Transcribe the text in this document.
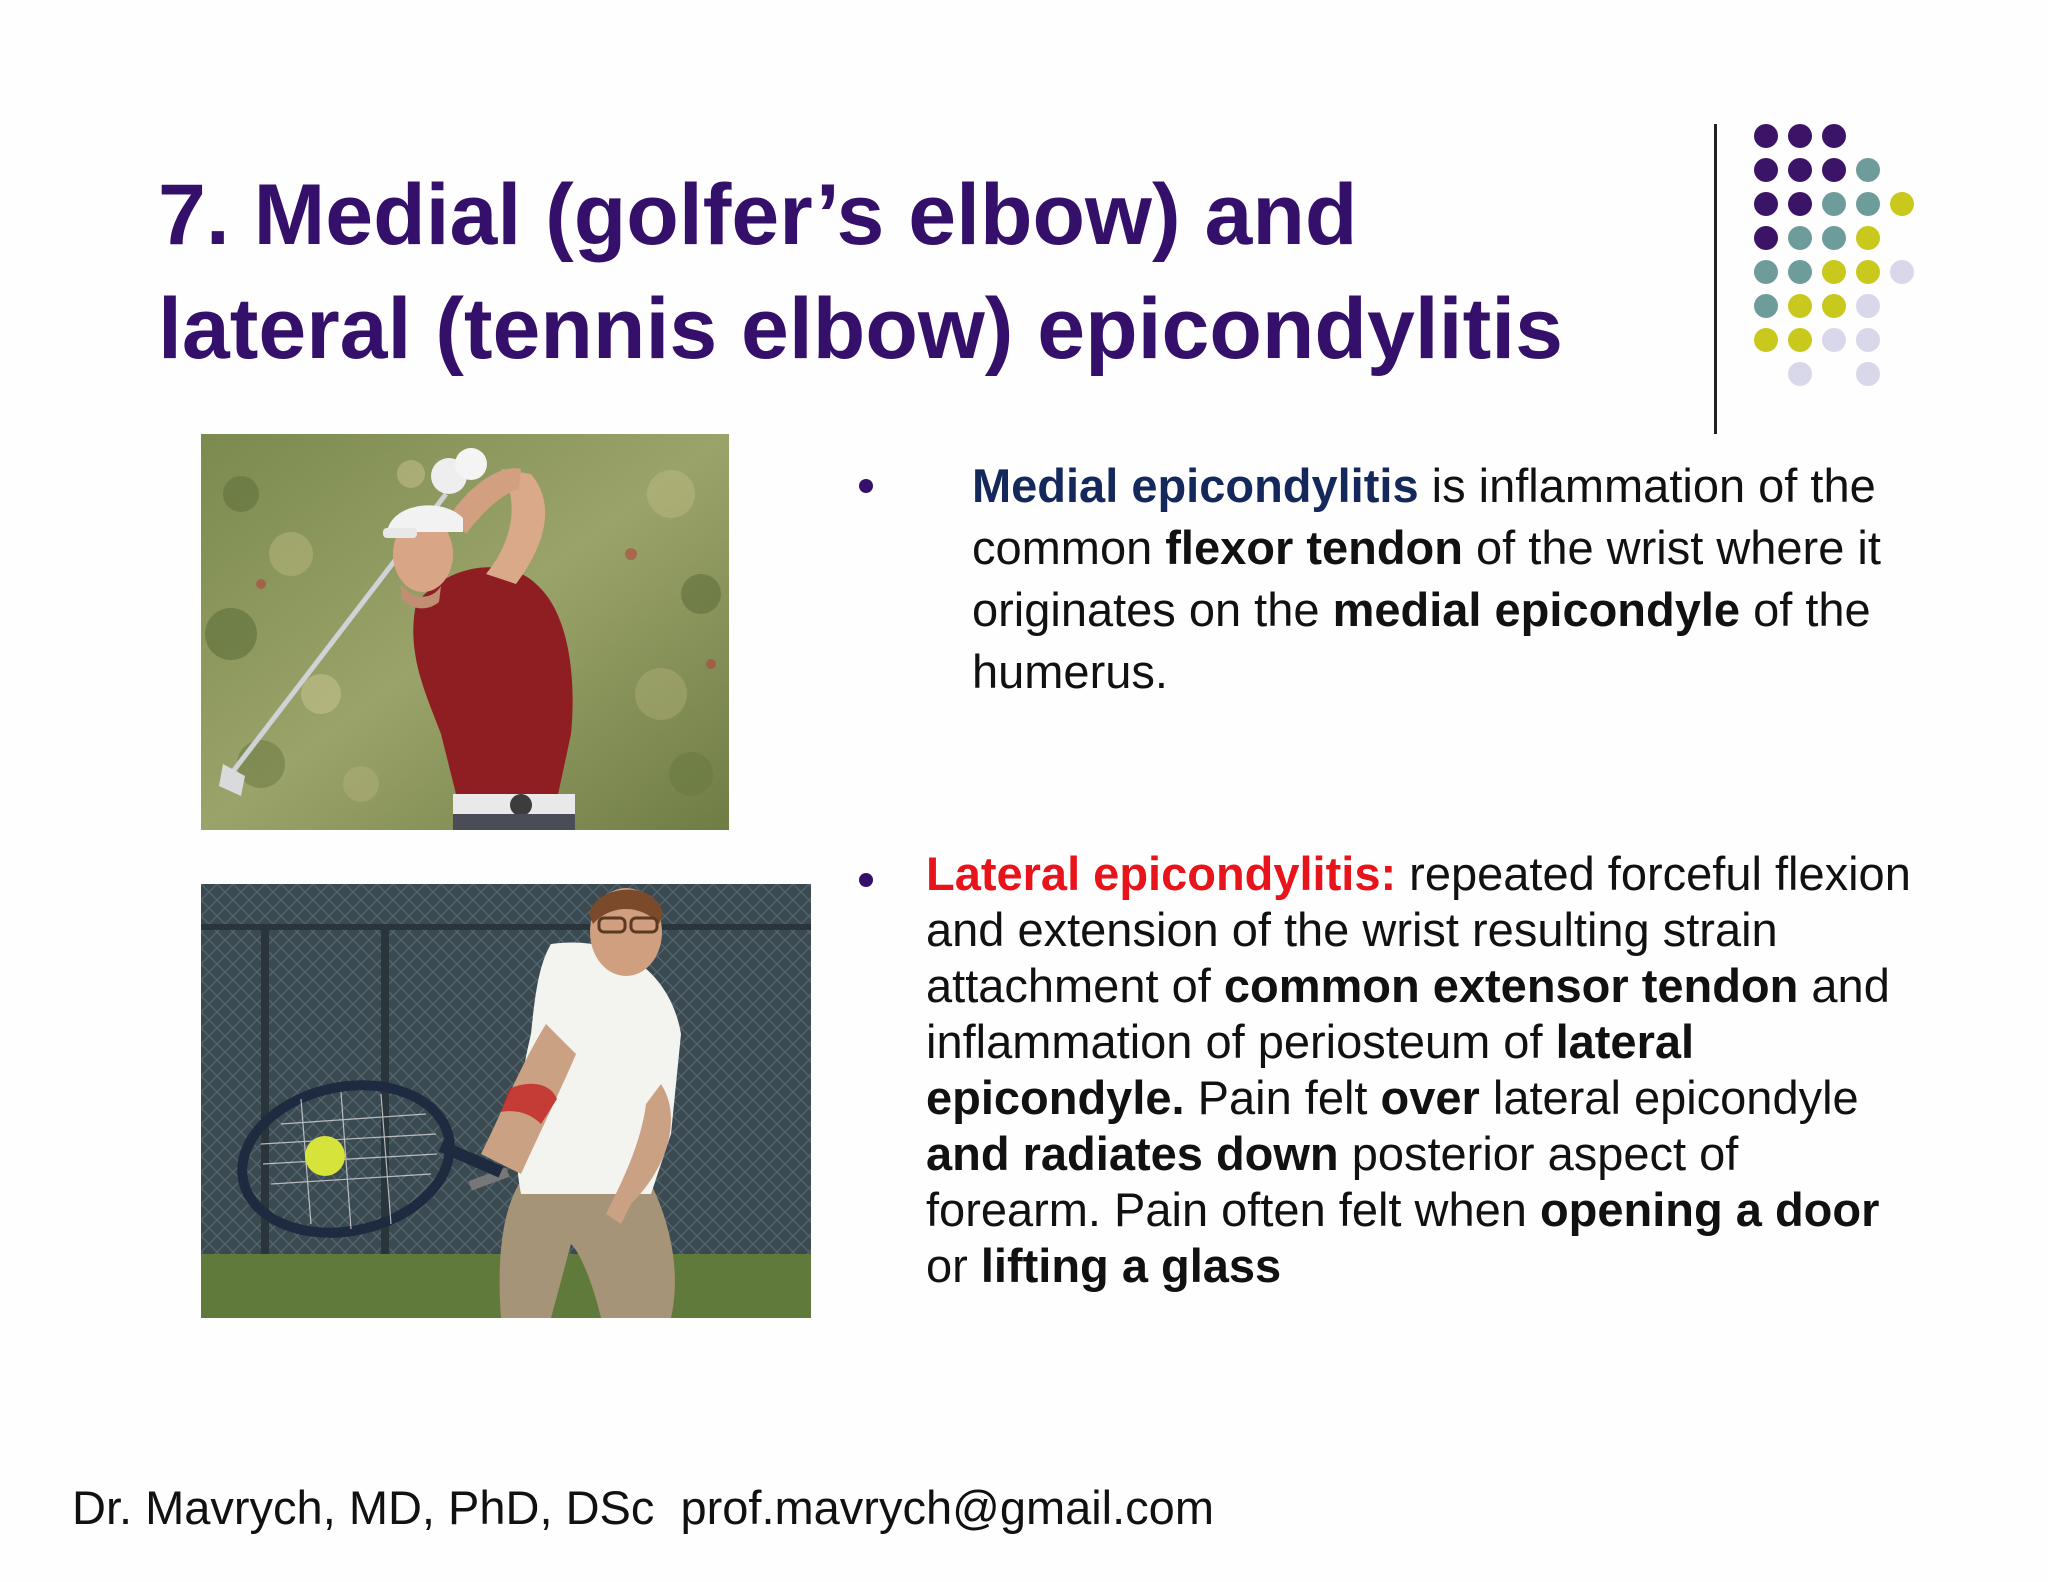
7. Medial (golfer’s elbow) and
lateral (tennis elbow) epicondylitis

Medial epicondylitis is inflammation of the common flexor tendon of the wrist where it originates on the medial epicondyle of the humerus.

Lateral epicondylitis: repeated forceful flexion and extension of the wrist resulting strain attachment of common extensor tendon and inflammation of periosteum of lateral epicondyle. Pain felt over lateral epicondyle and radiates down posterior aspect of forearm. Pain often felt when opening a door or lifting a glass

Dr. Mavrych, MD, PhD, DSc  prof.mavrych@gmail.com
